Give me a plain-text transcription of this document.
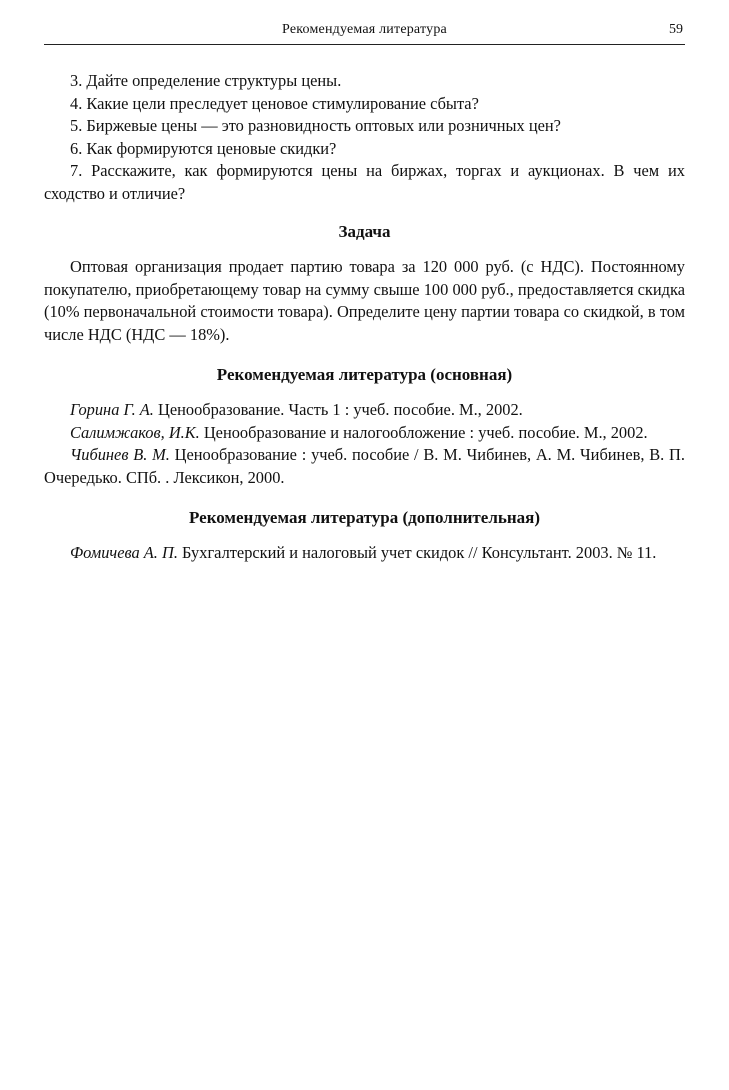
Рекомендуемая литература	59

3. Дайте определение структуры цены.

4. Какие цели преследует ценовое стимулирование сбыта?

5. Биржевые цены — это разновидность оптовых или розничных цен?

6. Как формируются ценовые скидки?

7. Расскажите, как формируются цены на биржах, торгах и аукционах. В чем их сходство и отличие?

Задача

Оптовая организация продает партию товара за 120 000 руб. (с НДС). Постоянному покупателю, приобретающему товар на сумму свыше 100 000 руб., предоставляется скидка (10% первоначальной стоимости товара). Определите цену партии товара со скидкой, в том числе НДС (НДС — 18%).

Рекомендуемая литература (основная)

Горина Г. А. Ценообразование. Часть 1 : учеб. пособие. М., 2002.

Салимжаков, И.К. Ценообразование и налогообложение : учеб. пособие. М., 2002.

Чибинев В. М. Ценообразование : учеб. пособие / В. М. Чибинев, А. М. Чибинев, В. П. Очередько. СПб. . Лексикон, 2000.

Рекомендуемая литература (дополнительная)

Фомичева А. П. Бухгалтерский и налоговый учет скидок // Консультант. 2003. № 11.
